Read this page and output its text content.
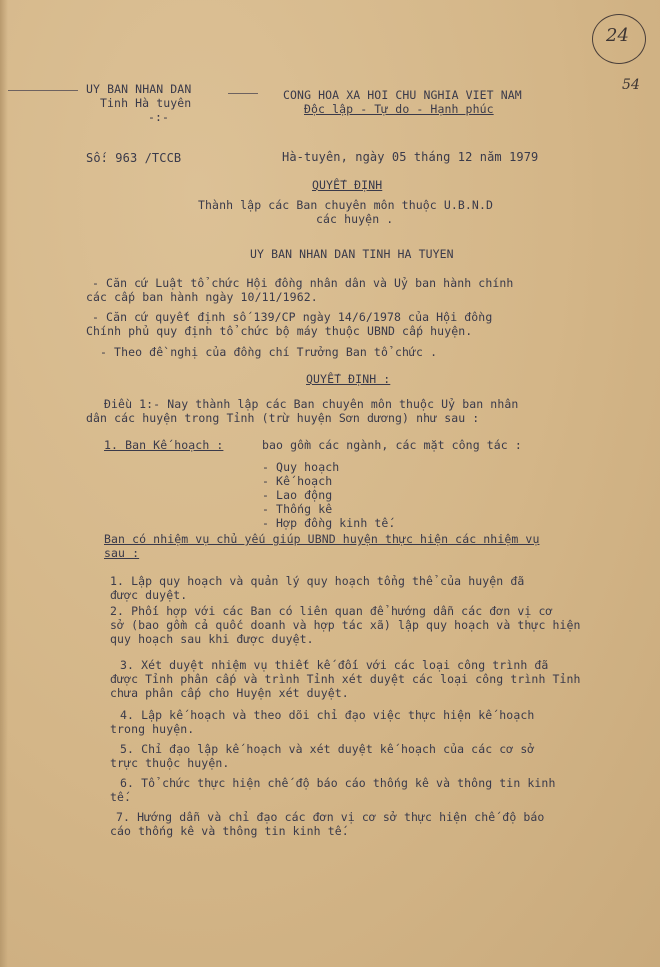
24
54
UY BAN NHAN DAN
Tinh Hà tuyên
-:-
CONG HOA XA HOI CHU NGHIA VIET NAM
Độc lập - Tự do - Hạnh phúc
Số: 963 /TCCB	Hà-tuyên, ngày 05 tháng 12 năm 1979
QUYẾT ĐỊNH
Thành lập các Ban chuyên môn thuộc U.B.N.D
các huyện .
UY BAN NHAN DAN TINH HA TUYEN
- Căn cứ Luật tổ chức Hội đồng nhân dân và Uỷ ban hành chính
các cấp ban hành ngày 10/11/1962.
- Căn cứ quyết định số 139/CP ngày 14/6/1978 của Hội đồng
Chính phủ quy định tổ chức bộ máy thuộc UBND cấp huyện.
- Theo đề nghị của đồng chí Trưởng Ban tổ chức .
QUYẾT ĐỊNH :
Điều 1:- Nay thành lập các Ban chuyên môn thuộc Uỷ ban nhân
dân các huyện trong Tỉnh (trừ huyện Sơn dương) như sau :
1. Ban Kế hoạch :	bao gồm các ngành, các mặt công tác :
- Quy hoạch
- Kế hoạch
- Lao động
- Thống kê
- Hợp đồng kinh tế.
Ban có nhiệm vụ chủ yếu giúp UBND huyện thực hiện các nhiệm vụ
sau :
1. Lập quy hoạch và quản lý quy hoạch tổng thể của huyện đã
được duyệt.
2. Phối hợp với các Ban có liên quan để hướng dẫn các đơn vị cơ
sở (bao gồm cả quốc doanh và hợp tác xã) lập quy hoạch và thực hiện
quy hoạch sau khi được duyệt.
3. Xét duyệt nhiệm vụ thiết kế đối với các loại công trình đã
được Tỉnh phân cấp và trình Tỉnh xét duyệt các loại công trình Tỉnh
chưa phân cấp cho Huyện xét duyệt.
4. Lập kế hoạch và theo dõi chỉ đạo việc thực hiện kế hoạch
trong huyện.
5. Chỉ đạo lập kế hoạch và xét duyệt kế hoạch của các cơ sở
trực thuộc huyện.
6. Tổ chức thực hiện chế độ báo cáo thống kê và thông tin kinh
tế.
7. Hướng dẫn và chỉ đạo các đơn vị cơ sở thực hiện chế độ báo
cáo thống kê và thông tin kinh tế.
